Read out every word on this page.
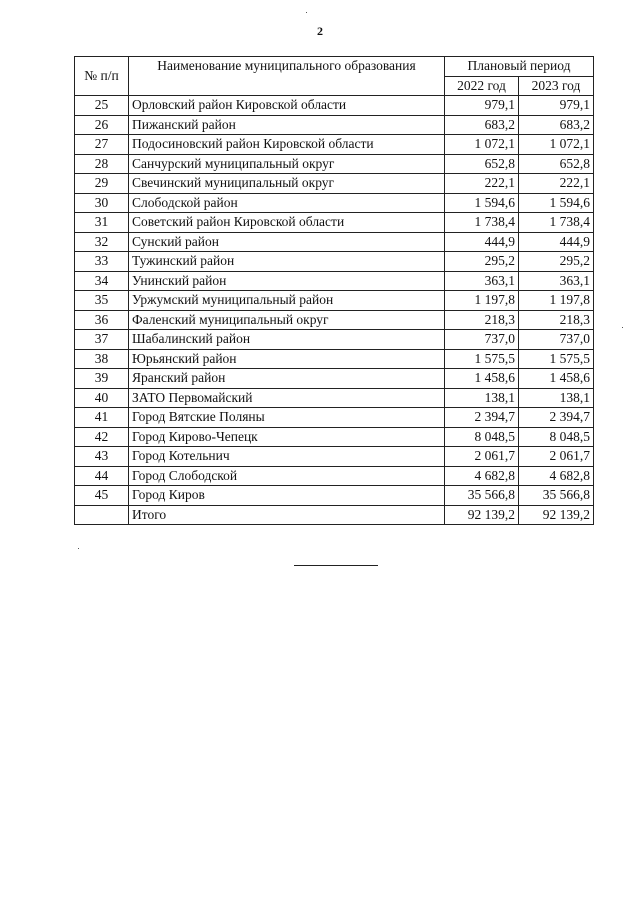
2
№ п/п	Наименование муниципального образования	Плановый период	
		2022 год	2023 год
25	Орловский район Кировской области	979,1	979,1
26	Пижанский район	683,2	683,2
27	Подосиновский район Кировской области	1 072,1	1 072,1
28	Санчурский муниципальный округ	652,8	652,8
29	Свечинский муниципальный округ	222,1	222,1
30	Слободской район	1 594,6	1 594,6
31	Советский район Кировской области	1 738,4	1 738,4
32	Сунский район	444,9	444,9
33	Тужинский район	295,2	295,2
34	Унинский район	363,1	363,1
35	Уржумский муниципальный район	1 197,8	1 197,8
36	Фаленский муниципальный округ	218,3	218,3
37	Шабалинский район	737,0	737,0
38	Юрьянский район	1 575,5	1 575,5
39	Яранский район	1 458,6	1 458,6
40	ЗАТО Первомайский	138,1	138,1
41	Город Вятские Поляны	2 394,7	2 394,7
42	Город Кирово-Чепецк	8 048,5	8 048,5
43	Город Котельнич	2 061,7	2 061,7
44	Город Слободской	4 682,8	4 682,8
45	Город Киров	35 566,8	35 566,8
	Итого	92 139,2	92 139,2
